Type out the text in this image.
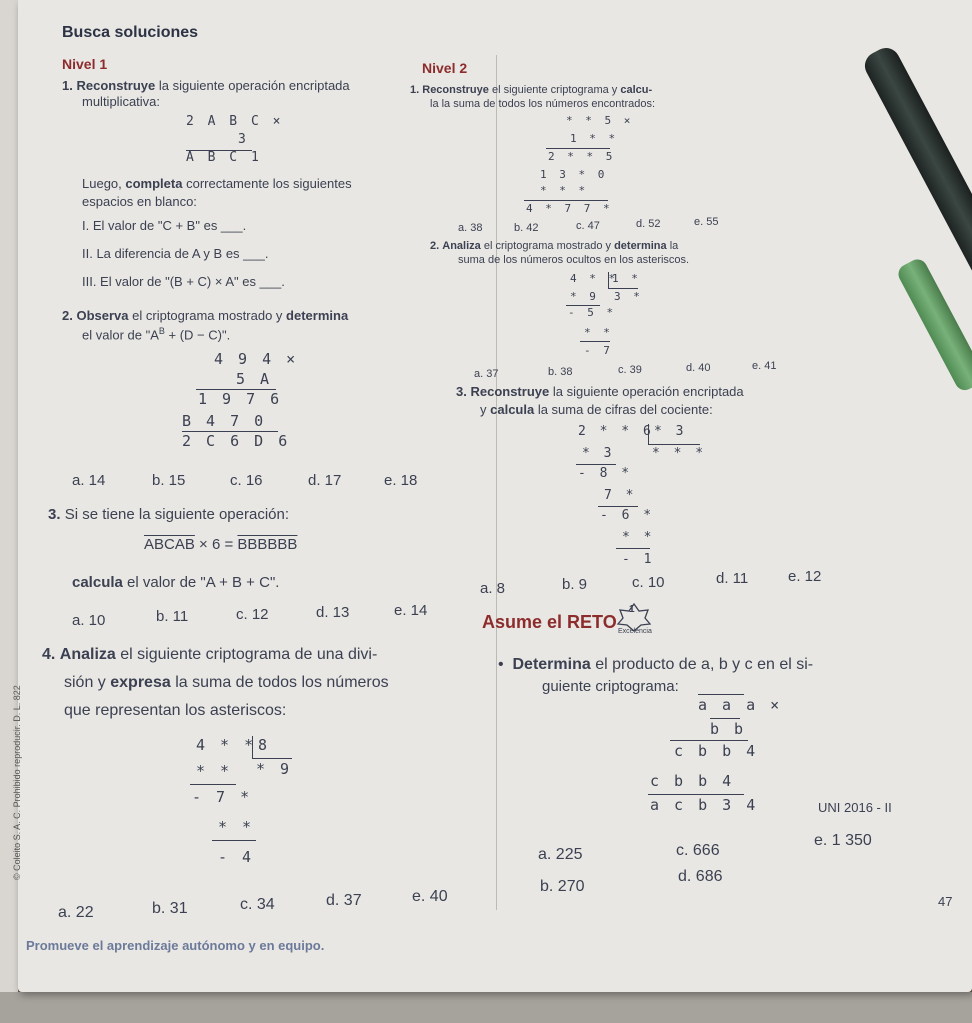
Busca soluciones
Nivel 1
1. Reconstruye la siguiente operación encriptada
multiplicativa:
2 A B C ×
3
A B C 1
Luego, completa correctamente los siguientes
espacios en blanco:
I. El valor de "C + B" es ___.
II. La diferencia de A y B es ___.
III. El valor de "(B + C) × A" es ___.
2. Observa el criptograma mostrado y determina
el valor de "$A^B + (D - C)$".
4 9 4 ×
5 A
1 9 7 6
B 4 7 0
2 C 6 D 6
a. 14	b. 15	c. 16	d. 17	e. 18
3. Si se tiene la siguiente operación:
ABCAB × 6 = BBBBBB
calcula el valor de "A + B + C".
a. 10	b. 11	c. 12	d. 13	e. 14
4. Analiza el siguiente criptograma de una divi-
sión y expresa la suma de todos los números
que representan los asteriscos:
4 * * 8
* 9
* *
- 7 *
* *
- 4
a. 22	b. 31	c. 34	d. 37	e. 40
Promueve el aprendizaje autónomo y en equipo.
© Coleito S. A. C. Prohibido reproducir. D. L. 822
Nivel 2
1. Reconstruye el siguiente criptograma y calcu-
la la suma de todos los números encontrados:
* * 5 ×
1 * *
2 * * 5
1 3 * 0
* * *
4 * 7 7 *
a. 38	b. 42	c. 47	d. 52	e. 55
2. Analiza el criptograma mostrado y determina la
suma de los números ocultos en los asteriscos.
4 * *
1 *
3 *
* 9
- 5 *
* *
- 7
a. 37	b. 38	c. 39	d. 40	e. 41
3. Reconstruye la siguiente operación encriptada
y calcula la suma de cifras del cociente:
2 * * 6 * 3
* * *
* 3
- 8 *
7 *
- 6 *
* *
- 1
a. 8	b. 9	c. 10	d. 11	e. 12
Asume el RETO
1
Excelencia
•  Determina el producto de a, b y c en el si-
guiente criptograma:
a a a ×
b b
c b b 4
c b b 4
a c b 3 4	UNI 2016 - II
a. 225
b. 270
c. 666
d. 686
e. 1 350
47
